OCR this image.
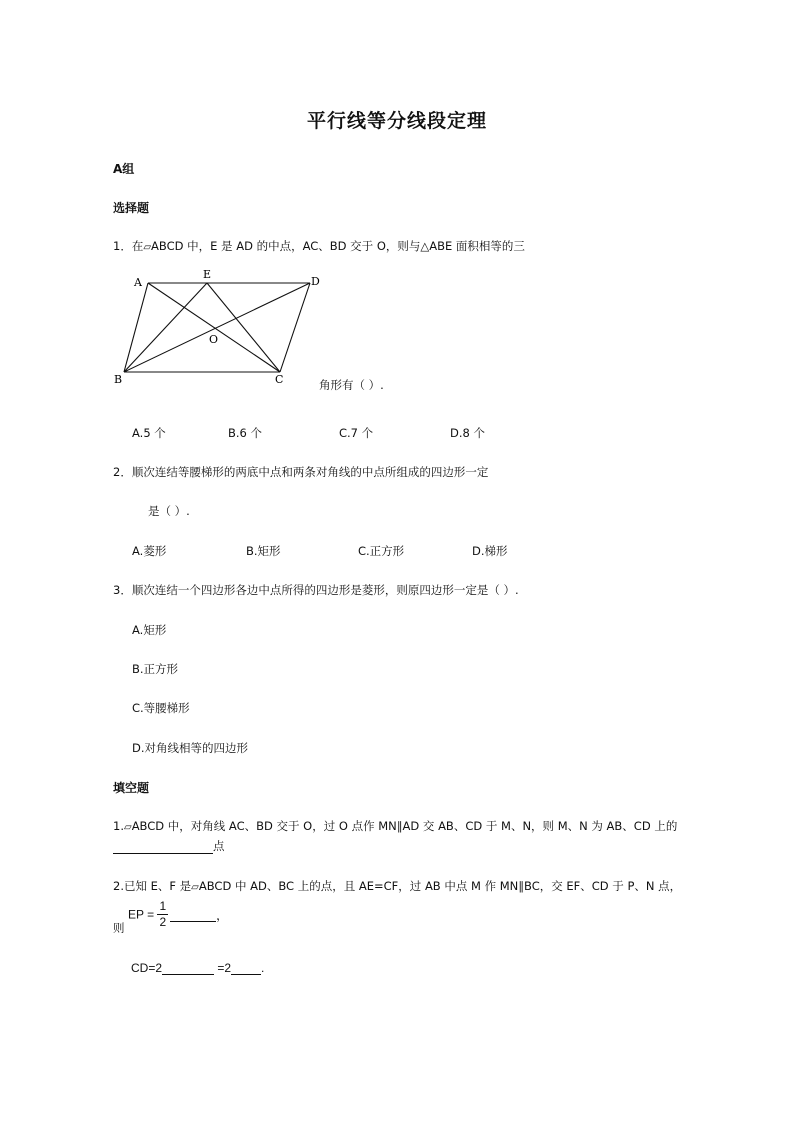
平行线等分线段定理
A组
选择题
1．在▱ABCD 中，E 是 AD 的中点，AC、BD 交于 O，则与△ABE 面积相等的三
A
E
D
O
B	C	角形有（ ）.
A.5 个	B.6 个	C.7 个	D.8 个
2．顺次连结等腰梯形的两底中点和两条对角线的中点所组成的四边形一定
是（ ）.
A.菱形	B.矩形	C.正方形	D.梯形
3．顺次连结一个四边形各边中点所得的四边形是菱形，则原四边形一定是（ ）.
A.矩形
B.正方形
C.等腰梯形
D.对角线相等的四边形
填空题
1.▱ABCD 中，对角线 AC、BD 交于 O，过 O 点作 MN∥AD 交 AB、CD 于 M、N，则 M、N 为 AB、CD 上的
点
2.已知 E、F 是▱ABCD 中 AD、BC 上的点，且 AE=CF，过 AB 中点 M 作 MN∥BC，交 EF、CD 于 P、N 点，
则
EP = $\frac{1}{2}$	，
CD=2	=2	.
